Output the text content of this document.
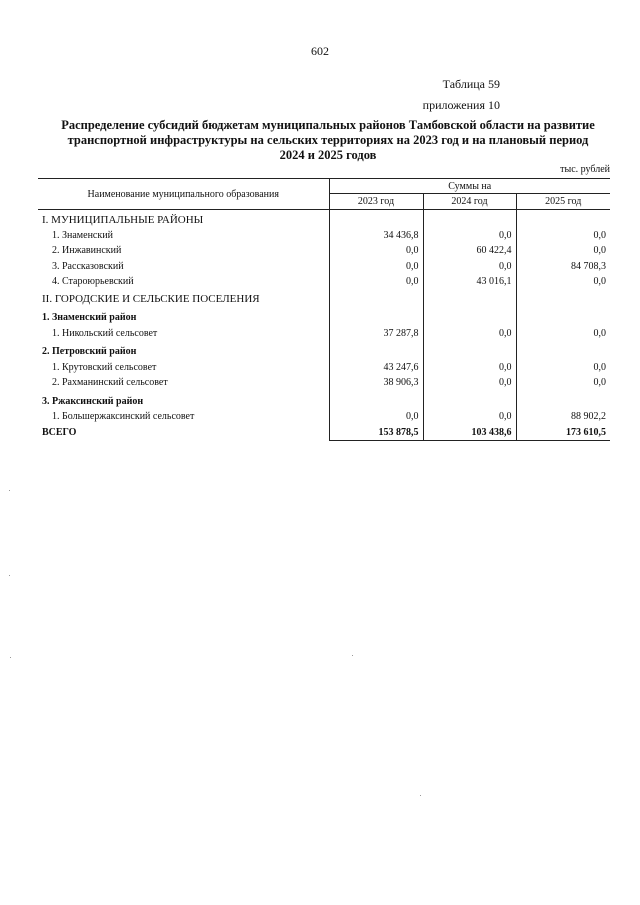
602
Таблица 59
приложения 10
Распределение субсидий бюджетам муниципальных районов Тамбовской области на развитие
транспортной инфраструктуры на сельских территориях на 2023 год и на плановый период
2024 и 2025 годов
тыс. рублей
Наименование муниципального образования	Суммы на		
	2023 год	2024 год	2025 год
I. МУНИЦИПАЛЬНЫЕ РАЙОНЫ			
1. Знаменский	34 436,8	0,0	0,0
2. Инжавинский	0,0	60 422,4	0,0
3. Рассказовский	0,0	0,0	84 708,3
4. Староюрьевский	0,0	43 016,1	0,0
II. ГОРОДСКИЕ И СЕЛЬСКИЕ ПОСЕЛЕНИЯ			
1. Знаменский район			
1. Никольский сельсовет	37 287,8	0,0	0,0
2. Петровский район			
1. Крутовский сельсовет	43 247,6	0,0	0,0
2. Рахманинский сельсовет	38 906,3	0,0	0,0
3. Ржаксинский район			
1. Большержаксинский сельсовет	0,0	0,0	88 902,2
ВСЕГО	153 878,5	103 438,6	173 610,5
